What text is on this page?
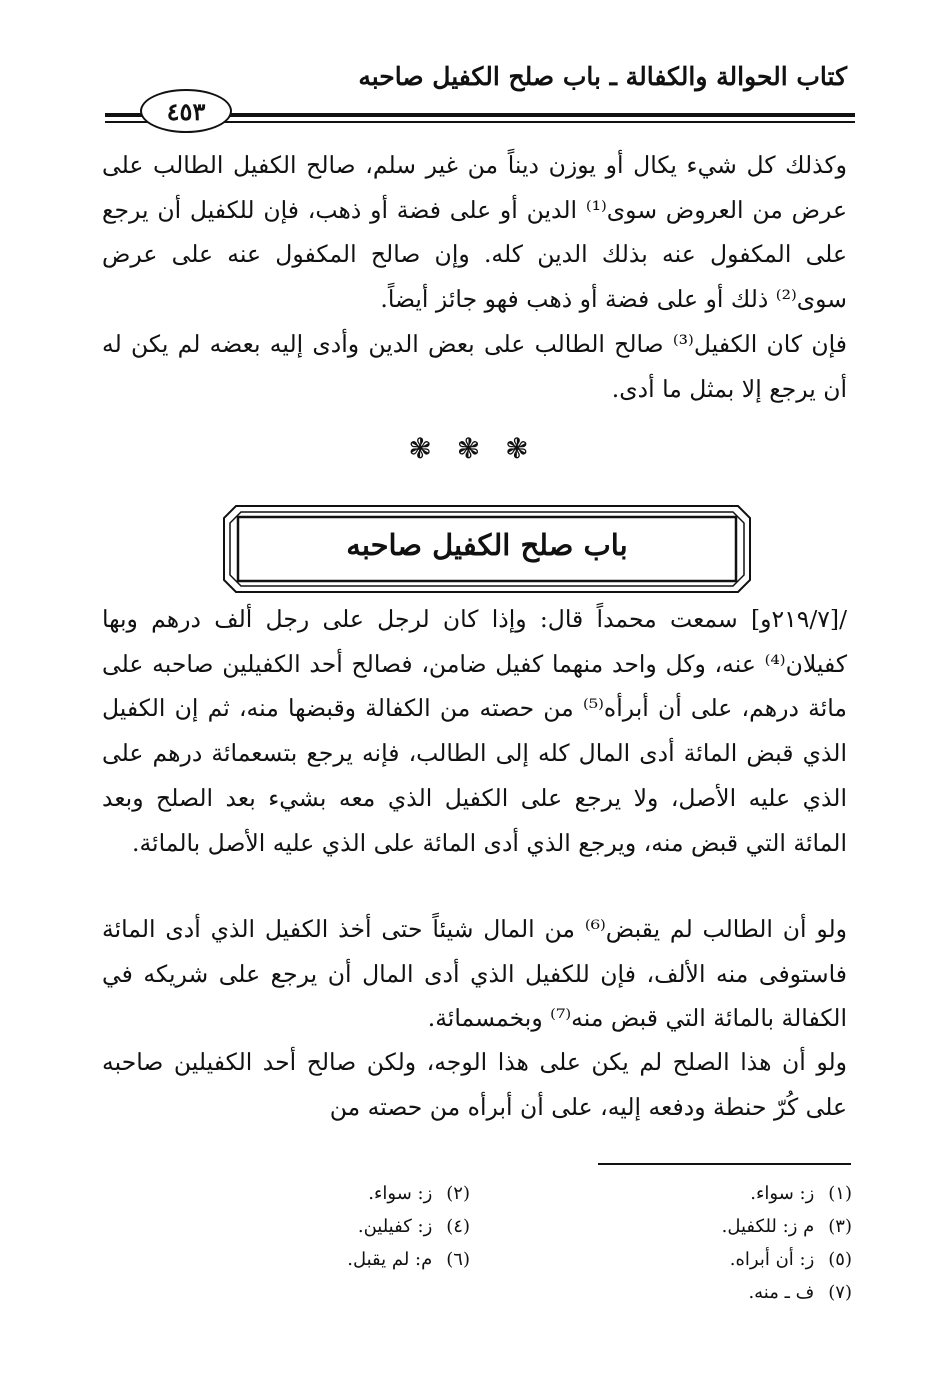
كتاب الحوالة والكفالة ـ باب صلح الكفيل صاحبه
٤٥٣

وكذلك كل شيء يكال أو يوزن ديناً من غير سلم، صالح الكفيل الطالب على عرض من العروض سوى⁽¹⁾ الدين أو على فضة أو ذهب، فإن للكفيل أن يرجع على المكفول عنه بذلك الدين كله. وإن صالح المكفول عنه على عرض سوى⁽²⁾ ذلك أو على فضة أو ذهب فهو جائز أيضاً.

فإن كان الكفيل⁽³⁾ صالح الطالب على بعض الدين وأدى إليه بعضه لم يكن له أن يرجع إلا بمثل ما أدى.

❃ ❃ ❃
باب صلح الكفيل صاحبه

/[٢١٩/٧و] سمعت محمداً قال: وإذا كان لرجل على رجل ألف درهم وبها كفيلان⁽⁴⁾ عنه، وكل واحد منهما كفيل ضامن، فصالح أحد الكفيلين صاحبه على مائة درهم، على أن أبرأه⁽⁵⁾ من حصته من الكفالة وقبضها منه، ثم إن الكفيل الذي قبض المائة أدى المال كله إلى الطالب، فإنه يرجع بتسعمائة درهم على الذي عليه الأصل، ولا يرجع على الكفيل الذي معه بشيء بعد الصلح وبعد المائة التي قبض منه، ويرجع الذي أدى المائة على الذي عليه الأصل بالمائة.

ولو أن الطالب لم يقبض⁽⁶⁾ من المال شيئاً حتى أخذ الكفيل الذي أدى المائة فاستوفى منه الألف، فإن للكفيل الذي أدى المال أن يرجع على شريكه في الكفالة بالمائة التي قبض منه⁽⁷⁾ وبخمسمائة.

ولو أن هذا الصلح لم يكن على هذا الوجه، ولكن صالح أحد الكفيلين صاحبه على كُرّ حنطة ودفعه إليه، على أن أبرأه من حصته من

(١)ز: سواء.
(٢)ز: سواء.
(٣)م ز: للكفيل.
(٤)ز: كفيلين.
(٥)ز: أن أبراه.
(٦)م: لم يقبل.
(٧)ف ـ منه.
